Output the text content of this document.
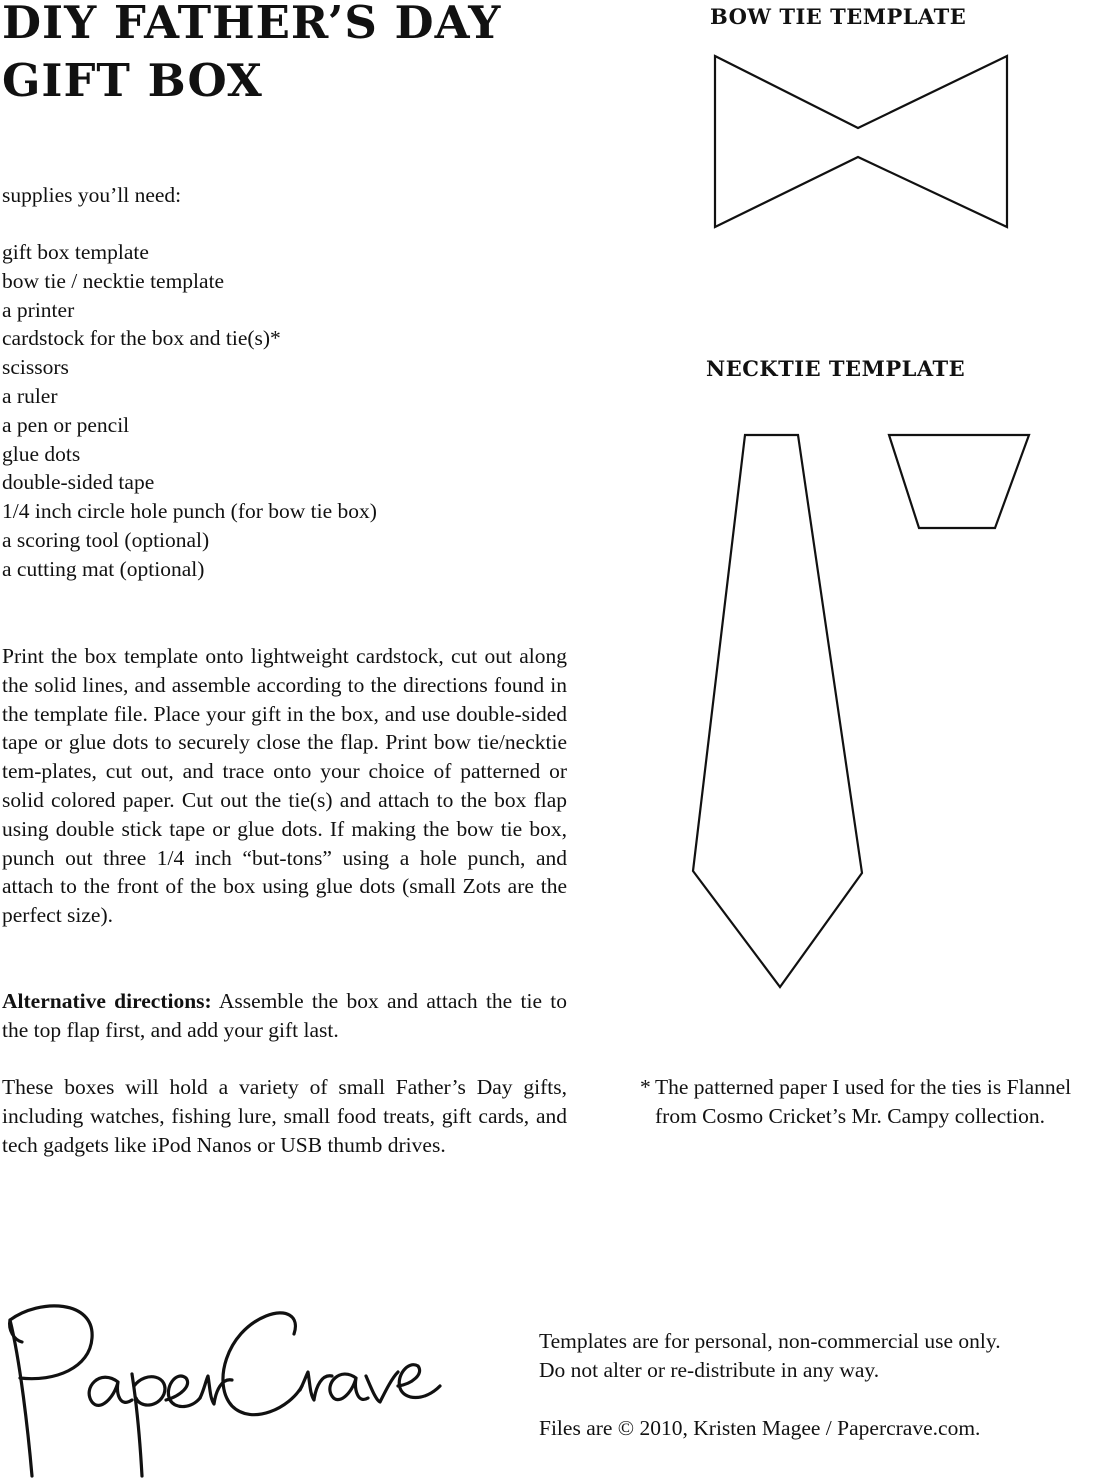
DIY FATHER’S DAY
GIFT BOX
supplies you’ll need:
gift box template
bow tie / necktie template
a printer
cardstock for the box and tie(s)*
scissors
a ruler
a pen or pencil
glue dots
double-sided tape
1/4 inch circle hole punch (for bow tie box)
a scoring tool (optional)
a cutting mat (optional)

Print the box template onto lightweight cardstock, cut out along the solid lines, and assemble according to the directions found in the template file. Place your gift in the box, and use double-sided tape or glue dots to securely close the flap. Print bow tie/necktie tem-plates, cut out, and trace onto your choice of patterned or solid colored paper. Cut out the tie(s) and attach to the box flap using double stick tape or glue dots. If making the bow tie box, punch out three 1/4 inch “but-tons” using a hole punch, and attach to the front of the box using glue dots (small Zots are the perfect size).

Alternative directions: Assemble the box and attach the tie to the top flap first, and add your gift last.

These boxes will hold a variety of small Father’s Day gifts, including watches, fishing lure, small food treats, gift cards, and tech gadgets like iPod Nanos or USB thumb drives.

BOW TIE TEMPLATE
NECKTIE TEMPLATE

* The patterned paper I used for the ties is Flannel from Cosmo Cricket’s Mr. Campy collection.

Templates are for personal, non-commercial use only.
Do not alter or re-distribute in any way.
Files are © 2010, Kristen Magee / Papercrave.com.
